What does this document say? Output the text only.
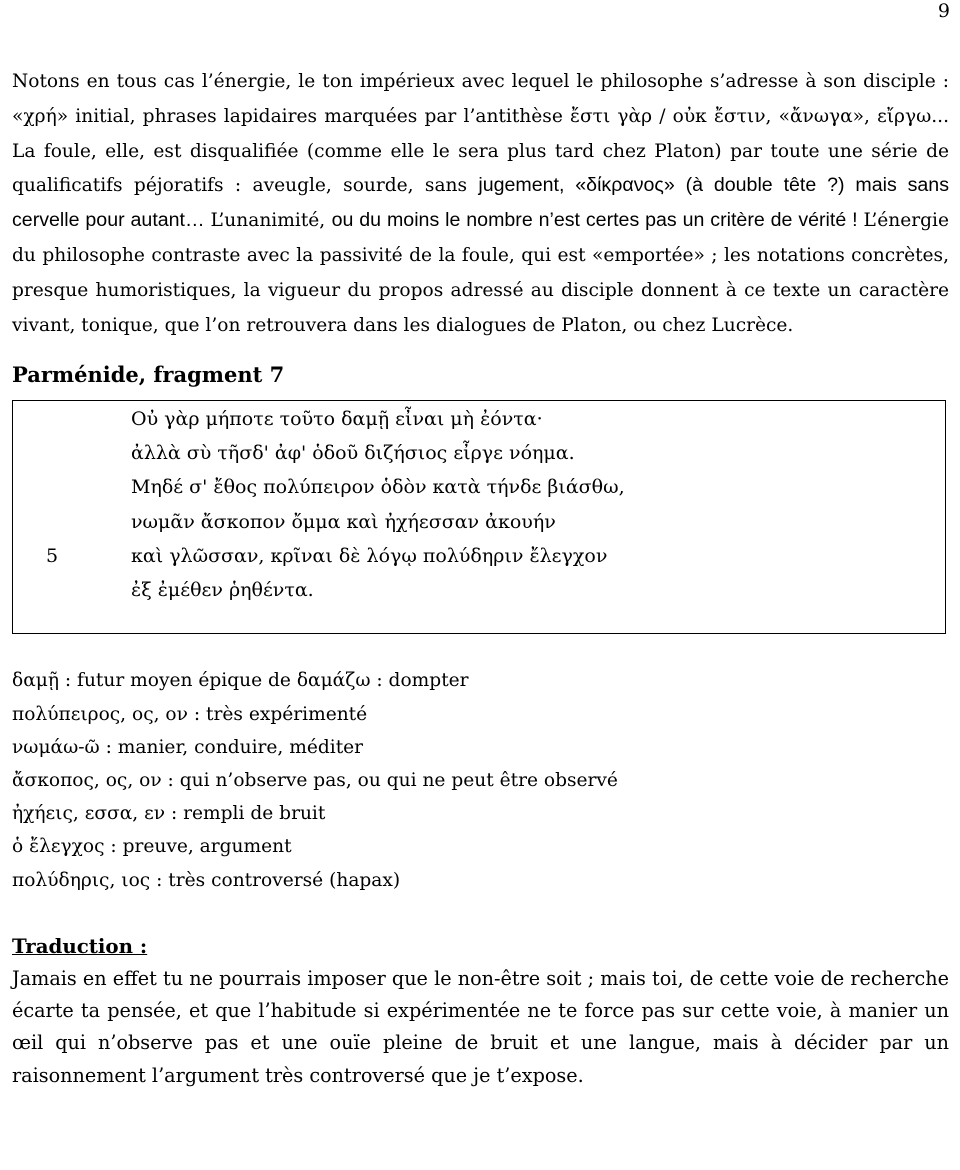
9

Notons en tous cas l’énergie, le ton impérieux avec lequel le philosophe s’adresse à son disciple : «χρή» initial, phrases lapidaires marquées par l’antithèse ἔστι γὰρ / οὐκ ἔστιν, «ἄνωγα», εἴργω... La foule, elle, est disqualifiée (comme elle le sera plus tard chez Platon) par toute une série de qualificatifs péjoratifs : aveugle, sourde, sans jugement, «δίκρανος» (à double tête ?) mais sans cervelle pour autant… L’unanimité, ou du moins le nombre n’est certes pas un critère de vérité ! L’énergie du philosophe contraste avec la passivité de la foule, qui est «emportée» ; les notations concrètes, presque humoristiques, la vigueur du propos adressé au disciple donnent à ce texte un caractère vivant, tonique, que l’on retrouvera dans les dialogues de Platon, ou chez Lucrèce.

Parménide, fragment 7
Οὐ γὰρ μήποτε τοῦτο δαμῇ εἶναι μὴ ἐόντα·
ἀλλὰ σὺ τῆσδ' ἀφ' ὁδοῦ διζήσιος εἶργε νόημα.
Μηδέ σ' ἔθος πολύπειρον ὁδὸν κατὰ τήνδε βιάσθω,
νωμᾶν ἄσκοπον ὄμμα καὶ ἠχήεσσαν ἀκουήν
5	καὶ γλῶσσαν, κρῖναι δὲ λόγῳ πολύδηριν ἔλεγχον
ἐξ ἐμέθεν ῥηθέντα.
δαμῇ : futur moyen épique de δαμάζω : dompter
πολύπειρος, ος, ον : très expérimenté
νωμάω-ῶ : manier, conduire, méditer
ἄσκοπος, ος, ον : qui n’observe pas, ou qui ne peut être observé
ἠχήεις, εσσα, εν : rempli de bruit
ὁ ἔλεγχος : preuve, argument
πολύδηρις, ιος : très controversé (hapax)
Traduction :

Jamais en effet tu ne pourrais imposer que le non-être soit ; mais toi, de cette voie de recherche écarte ta pensée, et que l’habitude si expérimentée ne te force pas sur cette voie, à manier un œil qui n’observe pas et une ouïe pleine de bruit et une langue, mais à décider par un raisonnement l’argument très controversé que je t’expose.
